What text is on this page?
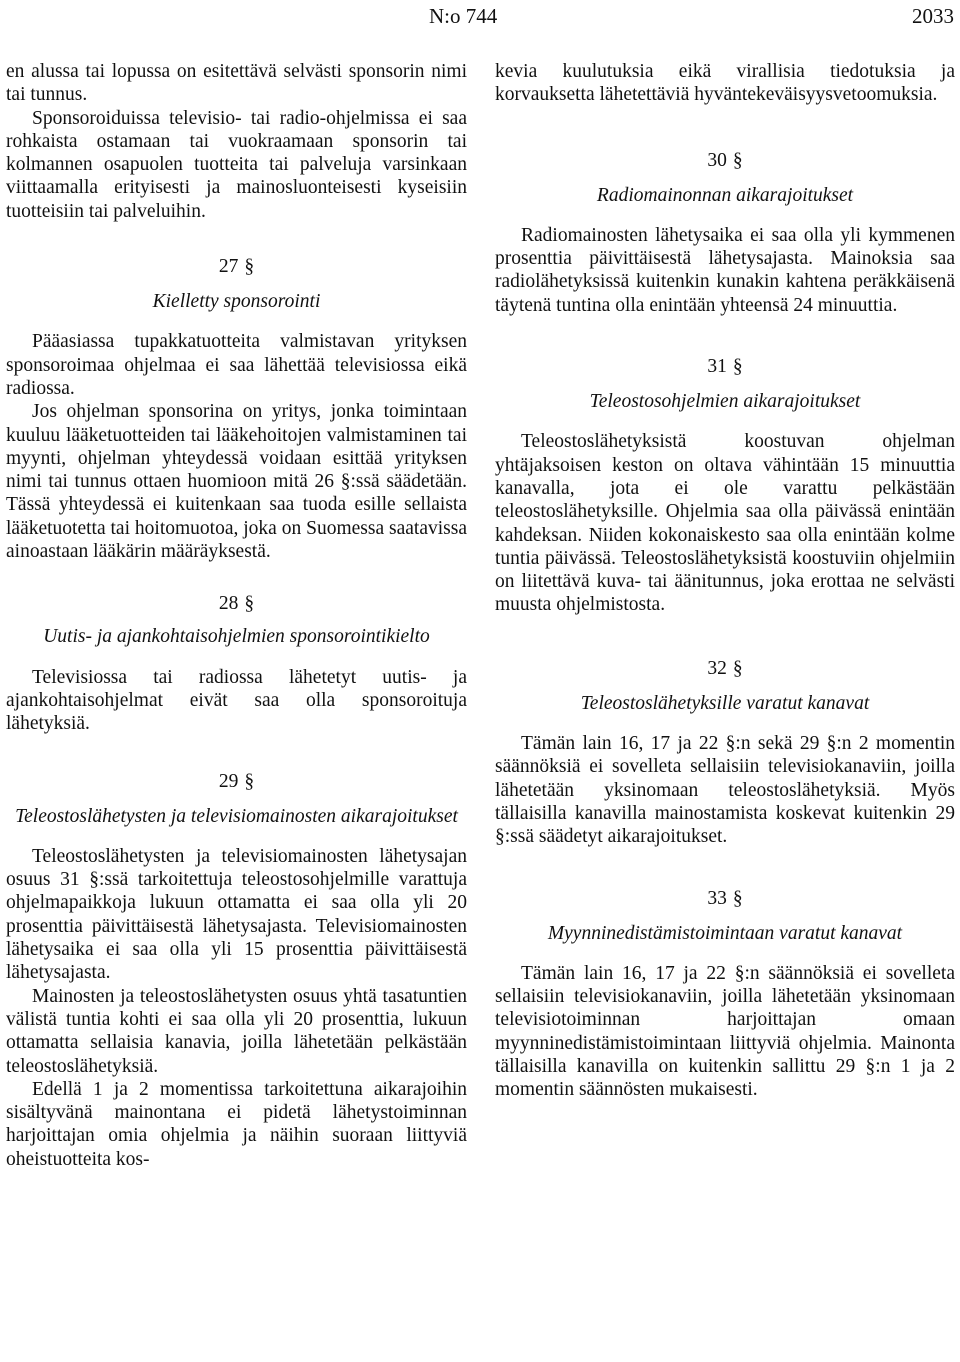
N:o 744	2033

en alussa tai lopussa on esitettävä selvästi sponsorin nimi tai tunnus.

Sponsoroiduissa televisio- tai radio-ohjelmissa ei saa rohkaista ostamaan tai vuokraamaan sponsorin tai kolmannen osapuolen tuotteita tai palveluja varsinkaan viittaamalla erityisesti ja mainosluonteisesti kyseisiin tuotteisiin tai palveluihin.

27 §

Kielletty sponsorointi

Pääasiassa tupakkatuotteita valmistavan yrityksen sponsoroimaa ohjelmaa ei saa lähettää televisiossa eikä radiossa.

Jos ohjelman sponsorina on yritys, jonka toimintaan kuuluu lääketuotteiden tai lääkehoitojen valmistaminen tai myynti, ohjelman yhteydessä voidaan esittää yrityksen nimi tai tunnus ottaen huomioon mitä 26 §:ssä säädetään. Tässä yhteydessä ei kuitenkaan saa tuoda esille sellaista lääketuotetta tai hoitomuotoa, joka on Suomessa saatavissa ainoastaan lääkärin määräyksestä.

28 §

Uutis- ja ajankohtaisohjelmien sponsorointikielto

Televisiossa tai radiossa lähetetyt uutis- ja ajankohtaisohjelmat eivät saa olla sponsoroituja lähetyksiä.

29 §

Teleostoslähetysten ja televisiomainosten aikarajoitukset

Teleostoslähetysten ja televisiomainosten lähetysajan osuus 31 §:ssä tarkoitettuja teleostosohjelmille varattuja ohjelmapaikkoja lukuun ottamatta ei saa olla yli 20 prosenttia päivittäisestä lähetysajasta. Televisiomainosten lähetysaika ei saa olla yli 15 prosenttia päivittäisestä lähetysajasta.

Mainosten ja teleostoslähetysten osuus yhtä tasatuntien välistä tuntia kohti ei saa olla yli 20 prosenttia, lukuun ottamatta sellaisia kanavia, joilla lähetetään pelkästään teleostoslähetyksiä.

Edellä 1 ja 2 momentissa tarkoitettuna aikarajoihin sisältyvänä mainontana ei pidetä lähetystoiminnan harjoittajan omia ohjelmia ja näihin suoraan liittyviä oheistuotteita kos-

kevia kuulutuksia eikä virallisia tiedotuksia ja korvauksetta lähetettäviä hyväntekeväisyysvetoomuksia.

30 §

Radiomainonnan aikarajoitukset

Radiomainosten lähetysaika ei saa olla yli kymmenen prosenttia päivittäisestä lähetysajasta. Mainoksia saa radiolähetyksissä kuitenkin kunakin kahtena peräkkäisenä täytenä tuntina olla enintään yhteensä 24 minuuttia.

31 §

Teleostosohjelmien aikarajoitukset

Teleostoslähetyksistä koostuvan ohjelman yhtäjaksoisen keston on oltava vähintään 15 minuuttia kanavalla, jota ei ole varattu pelkästään teleostoslähetyksille. Ohjelmia saa olla päivässä enintään kahdeksan. Niiden kokonaiskesto saa olla enintään kolme tuntia päivässä. Teleostoslähetyksistä koostuviin ohjelmiin on liitettävä kuva- tai äänitunnus, joka erottaa ne selvästi muusta ohjelmistosta.

32 §

Teleostoslähetyksille varatut kanavat

Tämän lain 16, 17 ja 22 §:n sekä 29 §:n 2 momentin säännöksiä ei sovelleta sellaisiin televisiokanaviin, joilla lähetetään yksinomaan teleostoslähetyksiä. Myös tällaisilla kanavilla mainostamista koskevat kuitenkin 29 §:ssä säädetyt aikarajoitukset.

33 §

Myynninedistämistoimintaan varatut kanavat

Tämän lain 16, 17 ja 22 §:n säännöksiä ei sovelleta sellaisiin televisiokanaviin, joilla lähetetään yksinomaan televisiotoiminnan harjoittajan omaan myynninedistämistoimintaan liittyviä ohjelmia. Mainonta tällaisilla kanavilla on kuitenkin sallittu 29 §:n 1 ja 2 momentin säännösten mukaisesti.
